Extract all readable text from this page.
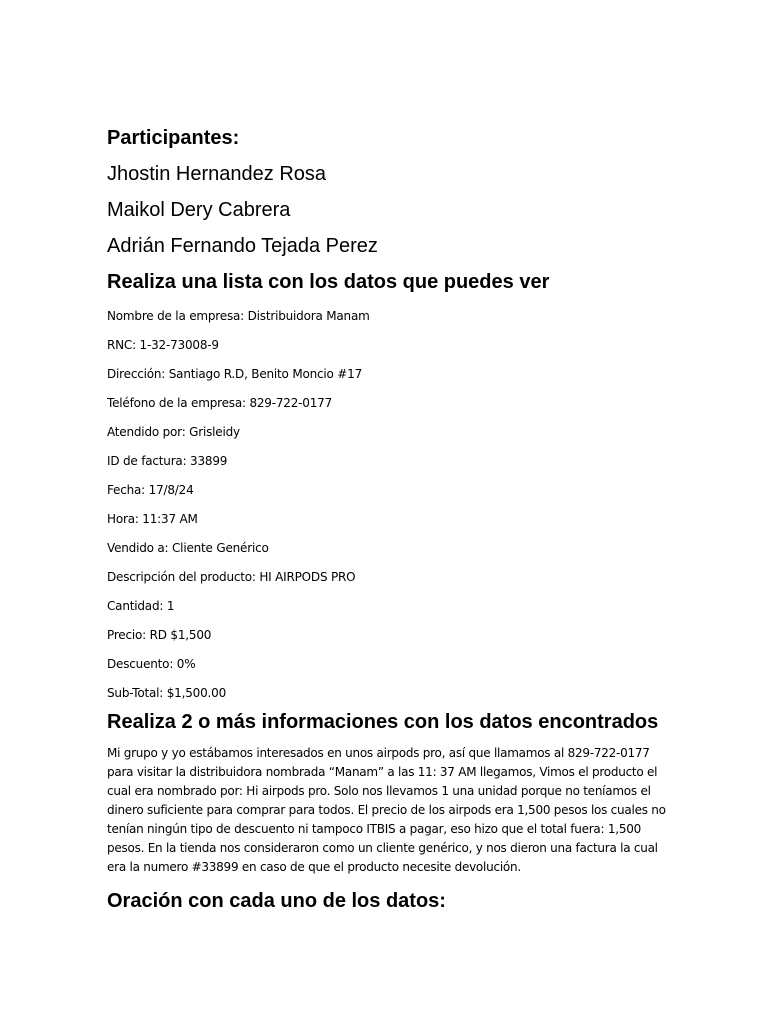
Participantes:

Jhostin Hernandez Rosa

Maikol Dery Cabrera

Adrián Fernando Tejada Perez

Realiza una lista con los datos que puedes ver

Nombre de la empresa: Distribuidora Manam

RNC: 1-32-73008-9

Dirección: Santiago R.D, Benito Moncio #17

Teléfono de la empresa: 829-722-0177

Atendido por: Grisleidy

ID de factura: 33899

Fecha: 17/8/24

Hora: 11:37 AM

Vendido a: Cliente Genérico

Descripción del producto: HI AIRPODS PRO

Cantidad: 1

Precio: RD $1,500

Descuento: 0%

Sub-Total: $1,500.00

Realiza 2 o más informaciones con los datos encontrados

Mi grupo y yo estábamos interesados en unos airpods pro, así que llamamos al 829-722-0177 para visitar la distribuidora nombrada “Manam” a las 11: 37 AM llegamos, Vimos el producto el cual era nombrado por: Hi airpods pro. Solo nos llevamos 1 una unidad porque no teníamos el dinero suficiente para comprar para todos. El precio de los airpods era 1,500 pesos los cuales no tenían ningún tipo de descuento ni tampoco ITBIS a pagar, eso hizo que el total fuera: 1,500 pesos. En la tienda nos consideraron como un cliente genérico, y nos dieron una factura la cual era la numero #33899 en caso de que el producto necesite devolución.

Oración con cada uno de los datos:
